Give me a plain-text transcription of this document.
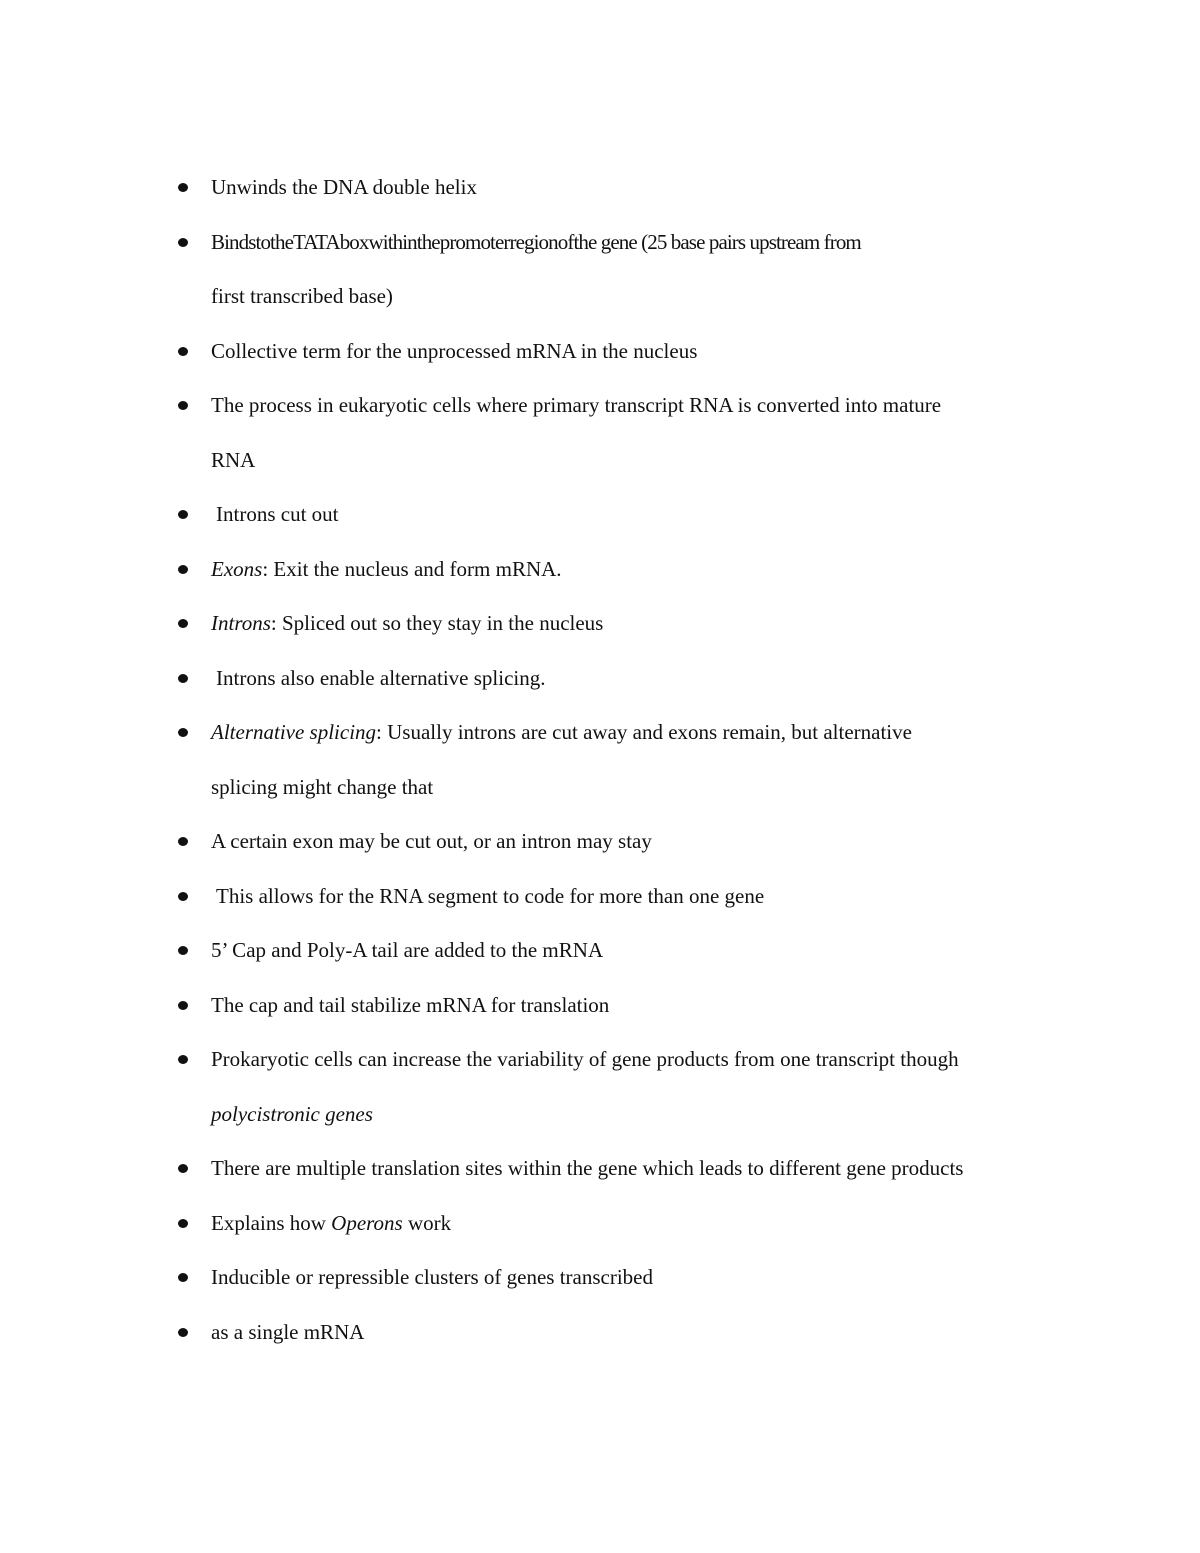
Unwinds the DNA double helix
BindstotheTATAboxwithinthepromoterregionofthe gene (25 base pairs upstream from
first transcribed base)
Collective term for the unprocessed mRNA in the nucleus
The process in eukaryotic cells where primary transcript RNA is converted into mature
RNA
Introns cut out
Exons: Exit the nucleus and form mRNA.
Introns: Spliced out so they stay in the nucleus
Introns also enable alternative splicing.
Alternative splicing: Usually introns are cut away and exons remain, but alternative
splicing might change that
A certain exon may be cut out, or an intron may stay
This allows for the RNA segment to code for more than one gene
5’ Cap and Poly-A tail are added to the mRNA
The cap and tail stabilize mRNA for translation
Prokaryotic cells can increase the variability of gene products from one transcript though
polycistronic genes
There are multiple translation sites within the gene which leads to different gene products
Explains how Operons work
Inducible or repressible clusters of genes transcribed
as a single mRNA
